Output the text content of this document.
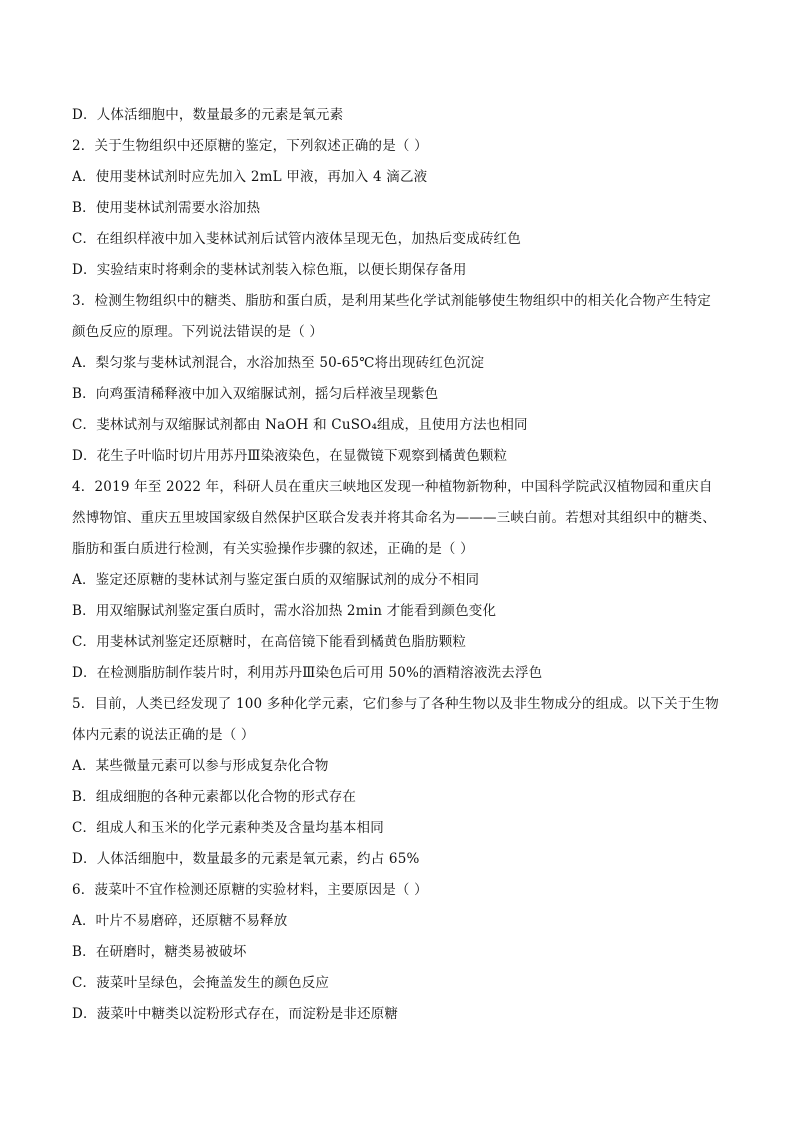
D．人体活细胞中，数量最多的元素是氧元素
2．关于生物组织中还原糖的鉴定，下列叙述正确的是（ ）
A．使用斐林试剂时应先加入 2mL 甲液，再加入 4 滴乙液
B．使用斐林试剂需要水浴加热
C．在组织样液中加入斐林试剂后试管内液体呈现无色，加热后变成砖红色
D．实验结束时将剩余的斐林试剂装入棕色瓶，以便长期保存备用
3．检测生物组织中的糖类、脂肪和蛋白质，是利用某些化学试剂能够使生物组织中的相关化合物产生特定颜色反应的原理。下列说法错误的是（ ）
A．梨匀浆与斐林试剂混合，水浴加热至 50-65℃将出现砖红色沉淀
B．向鸡蛋清稀释液中加入双缩脲试剂，摇匀后样液呈现紫色
C．斐林试剂与双缩脲试剂都由 NaOH 和 CuSO₄组成，且使用方法也相同
D．花生子叶临时切片用苏丹Ⅲ染液染色，在显微镜下观察到橘黄色颗粒
4．2019 年至 2022 年，科研人员在重庆三峡地区发现一种植物新物种，中国科学院武汉植物园和重庆自然博物馆、重庆五里坡国家级自然保护区联合发表并将其命名为———三峡白前。若想对其组织中的糖类、脂肪和蛋白质进行检测，有关实验操作步骤的叙述，正确的是（ ）
A．鉴定还原糖的斐林试剂与鉴定蛋白质的双缩脲试剂的成分不相同
B．用双缩脲试剂鉴定蛋白质时，需水浴加热 2min 才能看到颜色变化
C．用斐林试剂鉴定还原糖时，在高倍镜下能看到橘黄色脂肪颗粒
D．在检测脂肪制作装片时，利用苏丹Ⅲ染色后可用 50%的酒精溶液洗去浮色
5．目前，人类已经发现了 100 多种化学元素，它们参与了各种生物以及非生物成分的组成。以下关于生物体内元素的说法正确的是（ ）
A．某些微量元素可以参与形成复杂化合物
B．组成细胞的各种元素都以化合物的形式存在
C．组成人和玉米的化学元素种类及含量均基本相同
D．人体活细胞中，数量最多的元素是氧元素，约占 65%
6．菠菜叶不宜作检测还原糖的实验材料，主要原因是（ ）
A．叶片不易磨碎，还原糖不易释放
B．在研磨时，糖类易被破坏
C．菠菜叶呈绿色，会掩盖发生的颜色反应
D．菠菜叶中糖类以淀粉形式存在，而淀粉是非还原糖
